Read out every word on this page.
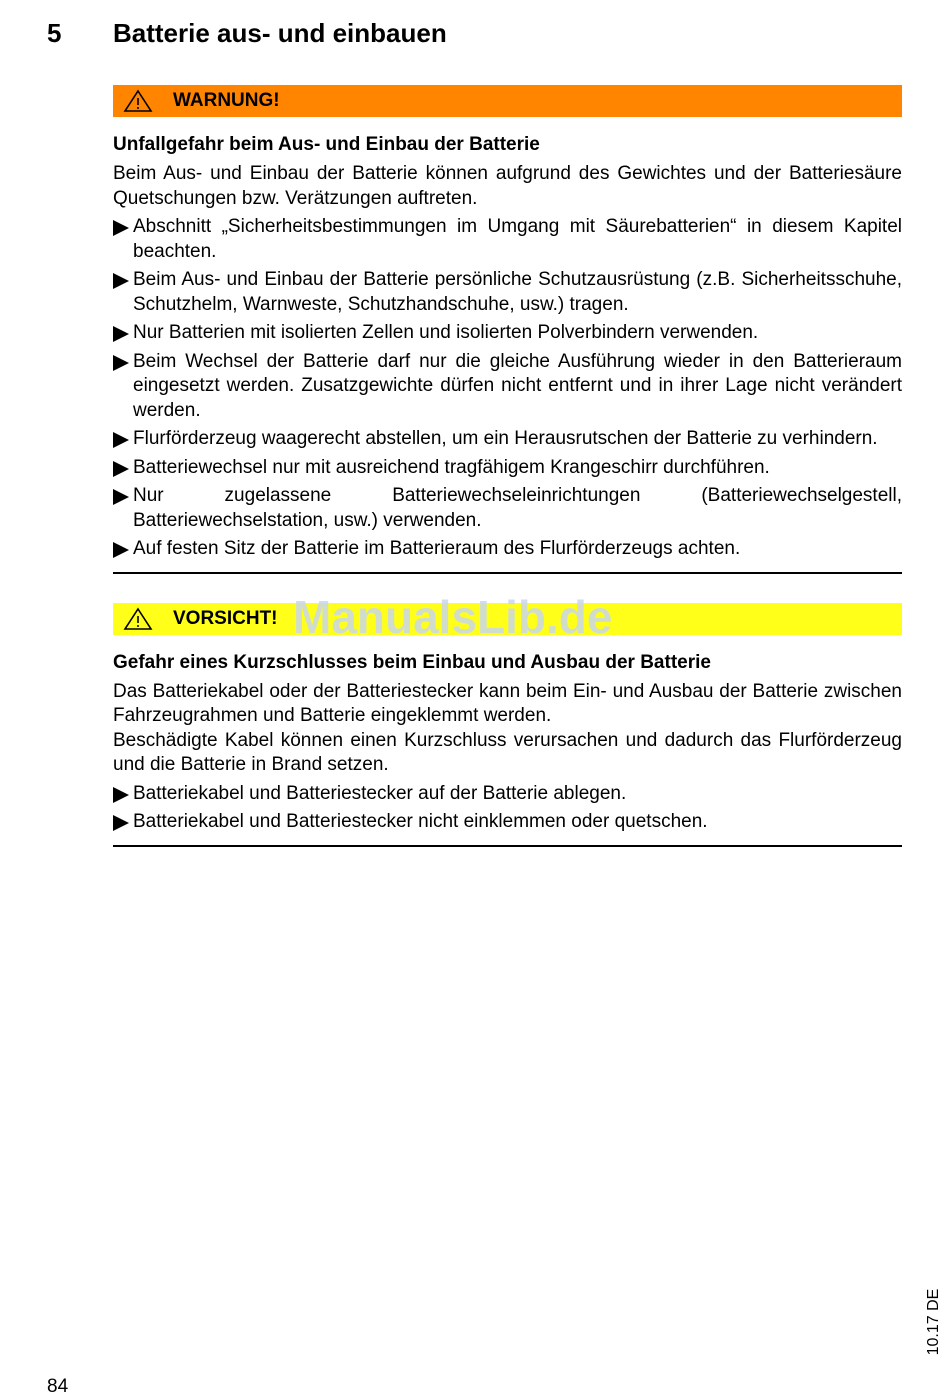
5 Batterie aus- und einbauen
WARNUNG!
Unfallgefahr beim Aus- und Einbau der Batterie
Beim Aus- und Einbau der Batterie können aufgrund des Gewichtes und der Batteriesäure Quetschungen bzw. Verätzungen auftreten.
Abschnitt „Sicherheitsbestimmungen im Umgang mit Säurebatterien“ in diesem Kapitel beachten.
Beim Aus- und Einbau der Batterie persönliche Schutzausrüstung (z.B. Sicherheitsschuhe, Schutzhelm, Warnweste, Schutzhandschuhe, usw.) tragen.
Nur Batterien mit isolierten Zellen und isolierten Polverbindern verwenden.
Beim Wechsel der Batterie darf nur die gleiche Ausführung wieder in den Batterieraum eingesetzt werden. Zusatzgewichte dürfen nicht entfernt und in ihrer Lage nicht verändert werden.
Flurförderzeug waagerecht abstellen, um ein Herausrutschen der Batterie zu verhindern.
Batteriewechsel nur mit ausreichend tragfähigem Krangeschirr durchführen.
Nur zugelassene Batteriewechseleinrichtungen (Batteriewechselgestell, Batteriewechselstation, usw.) verwenden.
Auf festen Sitz der Batterie im Batterieraum des Flurförderzeugs achten.
VORSICHT! ManualsLib.de
Gefahr eines Kurzschlusses beim Einbau und Ausbau der Batterie
Das Batteriekabel oder der Batteriestecker kann beim Ein- und Ausbau der Batterie zwischen Fahrzeugrahmen und Batterie eingeklemmt werden.
Beschädigte Kabel können einen Kurzschluss verursachen und dadurch das Flurförderzeug und die Batterie in Brand setzen.
Batteriekabel und Batteriestecker auf der Batterie ablegen.
Batteriekabel und Batteriestecker nicht einklemmen oder quetschen.
10.17 DE
84
